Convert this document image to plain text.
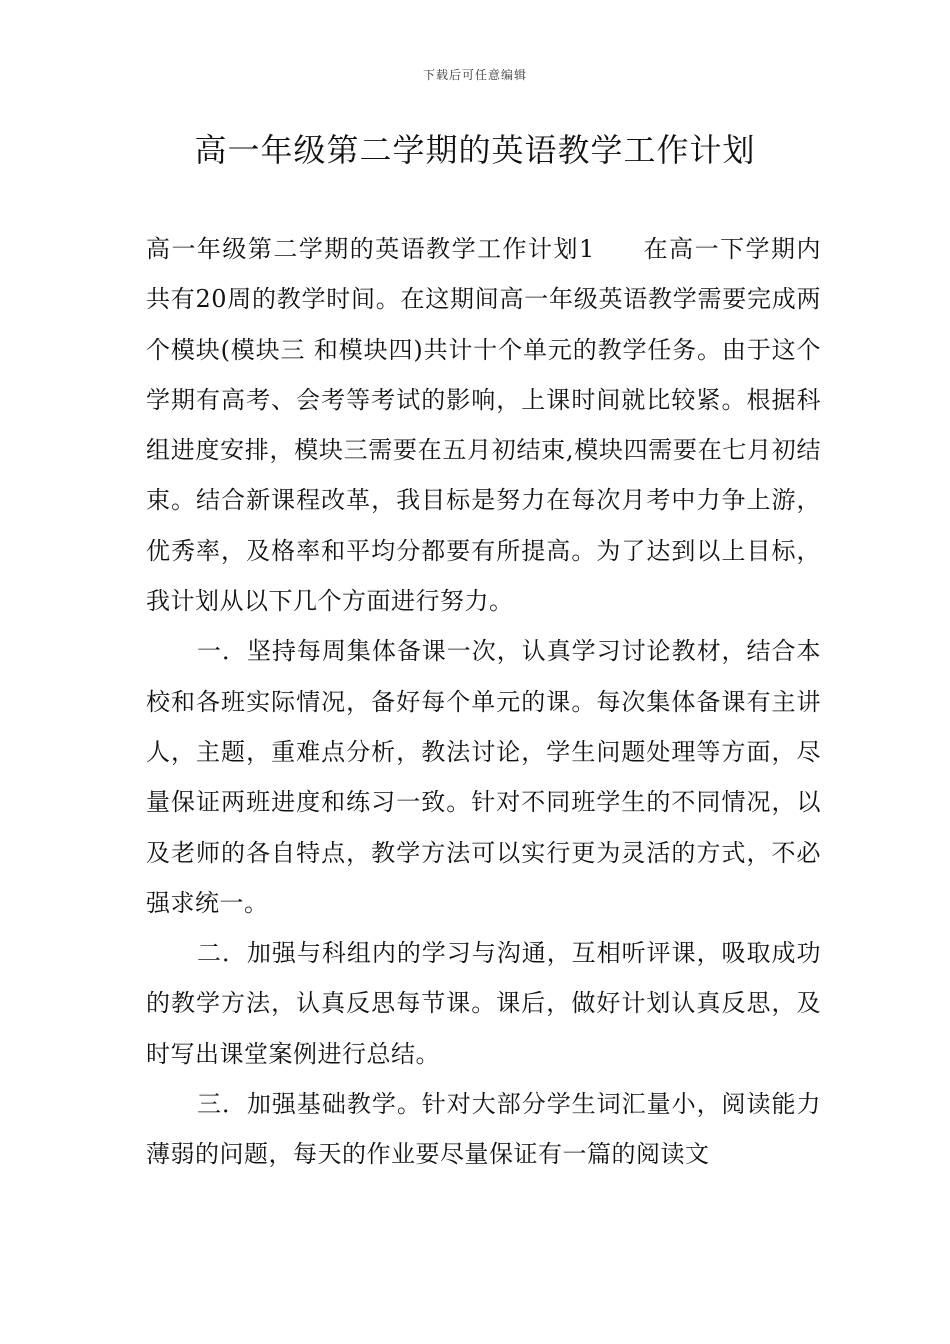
下载后可任意编辑
高一年级第二学期的英语教学工作计划

高一年级第二学期的英语教学工作计划1 在高一下学期内共有20周的教学时间。在这期间高一年级英语教学需要完成两个模块(模块三 和模块四)共计十个单元的教学任务。由于这个学期有高考、会考等考试的影响，上课时间就比较紧。根据科组进度安排，模块三需要在五月初结束,模块四需要在七月初结束。结合新课程改革，我目标是努力在每次月考中力争上游，优秀率，及格率和平均分都要有所提高。为了达到以上目标，我计划从以下几个方面进行努力。

一．坚持每周集体备课一次，认真学习讨论教材，结合本校和各班实际情况，备好每个单元的课。每次集体备课有主讲人，主题，重难点分析，教法讨论，学生问题处理等方面，尽量保证两班进度和练习一致。针对不同班学生的不同情况，以及老师的各自特点，教学方法可以实行更为灵活的方式，不必强求统一。

二．加强与科组内的学习与沟通，互相听评课，吸取成功的教学方法，认真反思每节课。课后，做好计划认真反思，及时写出课堂案例进行总结。

三．加强基础教学。针对大部分学生词汇量小，阅读能力薄弱的问题，每天的作业要尽量保证有一篇的阅读文
